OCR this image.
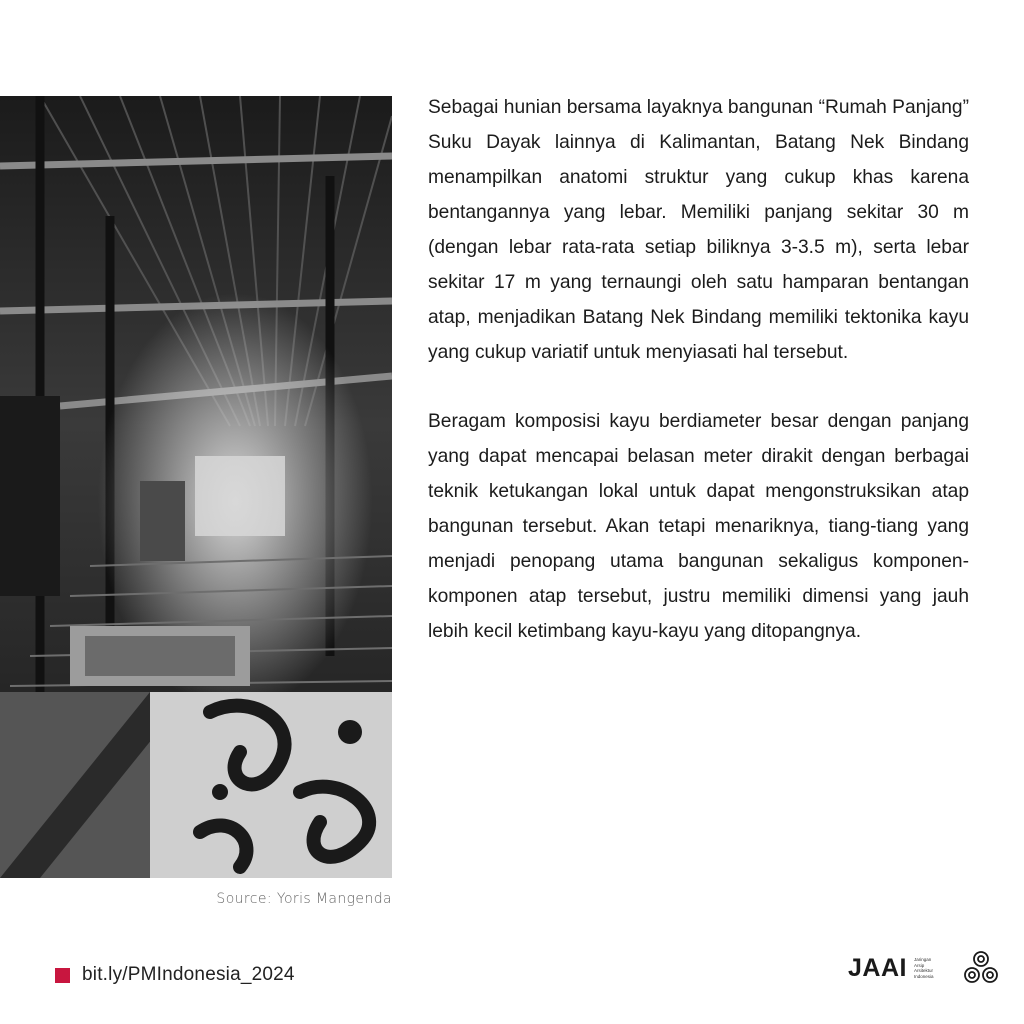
Source: Yoris Mangenda

Sebagai hunian bersama layaknya bangunan “Rumah Panjang” Suku Dayak lainnya di Kalimantan, Batang Nek Bindang menampilkan anatomi struktur yang cukup khas karena bentangannya yang lebar. Memiliki panjang sekitar 30 m (dengan lebar rata-rata setiap biliknya 3-3.5 m), serta lebar sekitar 17 m yang ternaungi oleh satu hamparan bentangan atap, menjadikan Batang Nek Bindang memiliki tektonika kayu yang cukup variatif untuk menyiasati hal tersebut.

Beragam komposisi kayu berdiameter besar dengan panjang yang dapat mencapai belasan meter dirakit dengan berbagai teknik ketukangan lokal untuk dapat mengonstruksikan atap bangunan tersebut. Akan tetapi menariknya, tiang-tiang yang menjadi penopang utama bangunan sekaligus komponen-komponen atap tersebut, justru memiliki dimensi yang jauh lebih kecil ketimbang kayu-kayu yang ditopangnya.

bit.ly/PMIndonesia_2024	JAAI Jaringan
Arsip
Arsitektur
Indonesia
